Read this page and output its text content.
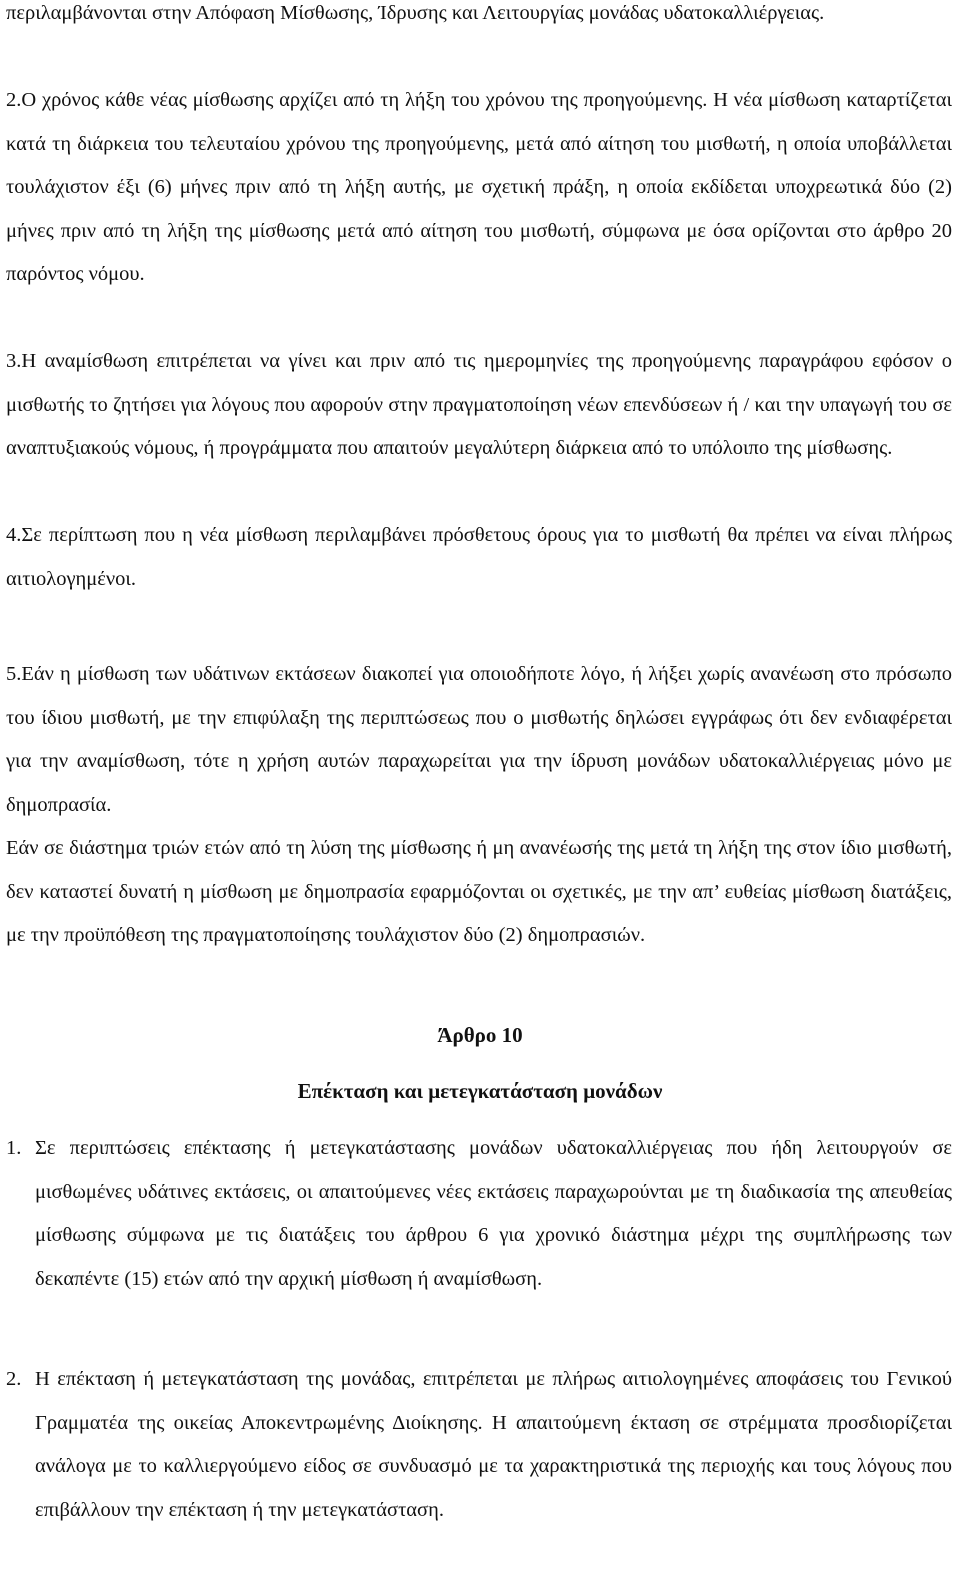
περιλαμβάνονται στην Απόφαση Μίσθωσης, Ίδρυσης και Λειτουργίας μονάδας υδατοκαλλιέργειας.

2.Ο χρόνος κάθε νέας μίσθωσης αρχίζει από τη λήξη του χρόνου της προηγούμενης. Η νέα μίσθωση καταρτίζεται κατά τη διάρκεια του τελευταίου χρόνου της προηγούμενης, μετά από αίτηση του μισθωτή, η οποία υποβάλλεται τουλάχιστον έξι (6) μήνες πριν από τη λήξη αυτής, με σχετική πράξη, η οποία εκδίδεται υποχρεωτικά δύο (2) μήνες πριν από τη λήξη της μίσθωσης μετά από αίτηση του μισθωτή, σύμφωνα με όσα ορίζονται στο άρθρο 20 παρόντος νόμου.

3.Η αναμίσθωση επιτρέπεται να γίνει και πριν από τις ημερομηνίες της προηγούμενης παραγράφου εφόσον ο μισθωτής το ζητήσει για λόγους που αφορούν στην πραγματοποίηση νέων επενδύσεων ή / και την υπαγωγή του σε αναπτυξιακούς νόμους, ή προγράμματα που απαιτούν μεγαλύτερη διάρκεια από το υπόλοιπο της μίσθωσης.

4.Σε περίπτωση που η νέα μίσθωση περιλαμβάνει πρόσθετους όρους για το μισθωτή θα πρέπει να είναι πλήρως αιτιολογημένοι.

5.Εάν η μίσθωση των υδάτινων εκτάσεων διακοπεί για οποιοδήποτε λόγο, ή λήξει χωρίς ανανέωση στο πρόσωπο του ίδιου μισθωτή, με την επιφύλαξη της περιπτώσεως που ο μισθωτής δηλώσει εγγράφως ότι δεν ενδιαφέρεται για την αναμίσθωση, τότε η χρήση αυτών παραχωρείται για την ίδρυση μονάδων υδατοκαλλιέργειας μόνο με δημοπρασία.

Εάν σε διάστημα τριών ετών από τη λύση της μίσθωσης ή μη ανανέωσής της μετά τη λήξη της στον ίδιο μισθωτή, δεν καταστεί δυνατή η μίσθωση με δημοπρασία εφαρμόζονται οι σχετικές, με την απ’ ευθείας μίσθωση διατάξεις, με την προϋπόθεση της πραγματοποίησης τουλάχιστον δύο (2) δημοπρασιών.

Άρθρο 10
Επέκταση και μετεγκατάσταση μονάδων
1. Σε περιπτώσεις επέκτασης ή μετεγκατάστασης μονάδων υδατοκαλλιέργειας που ήδη λειτουργούν σε μισθωμένες υδάτινες εκτάσεις, οι απαιτούμενες νέες εκτάσεις παραχωρούνται με τη διαδικασία της απευθείας μίσθωσης σύμφωνα με τις διατάξεις του άρθρου 6 για χρονικό διάστημα μέχρι της συμπλήρωσης των δεκαπέντε (15) ετών από την αρχική μίσθωση ή αναμίσθωση.

2. Η επέκταση ή μετεγκατάσταση της μονάδας, επιτρέπεται με πλήρως αιτιολογημένες αποφάσεις του Γενικού Γραμματέα της οικείας Αποκεντρωμένης Διοίκησης. Η απαιτούμενη έκταση σε στρέμματα προσδιορίζεται ανάλογα με το καλλιεργούμενο είδος σε συνδυασμό με τα χαρακτηριστικά της περιοχής και τους λόγους που επιβάλλουν την επέκταση ή την μετεγκατάσταση.
